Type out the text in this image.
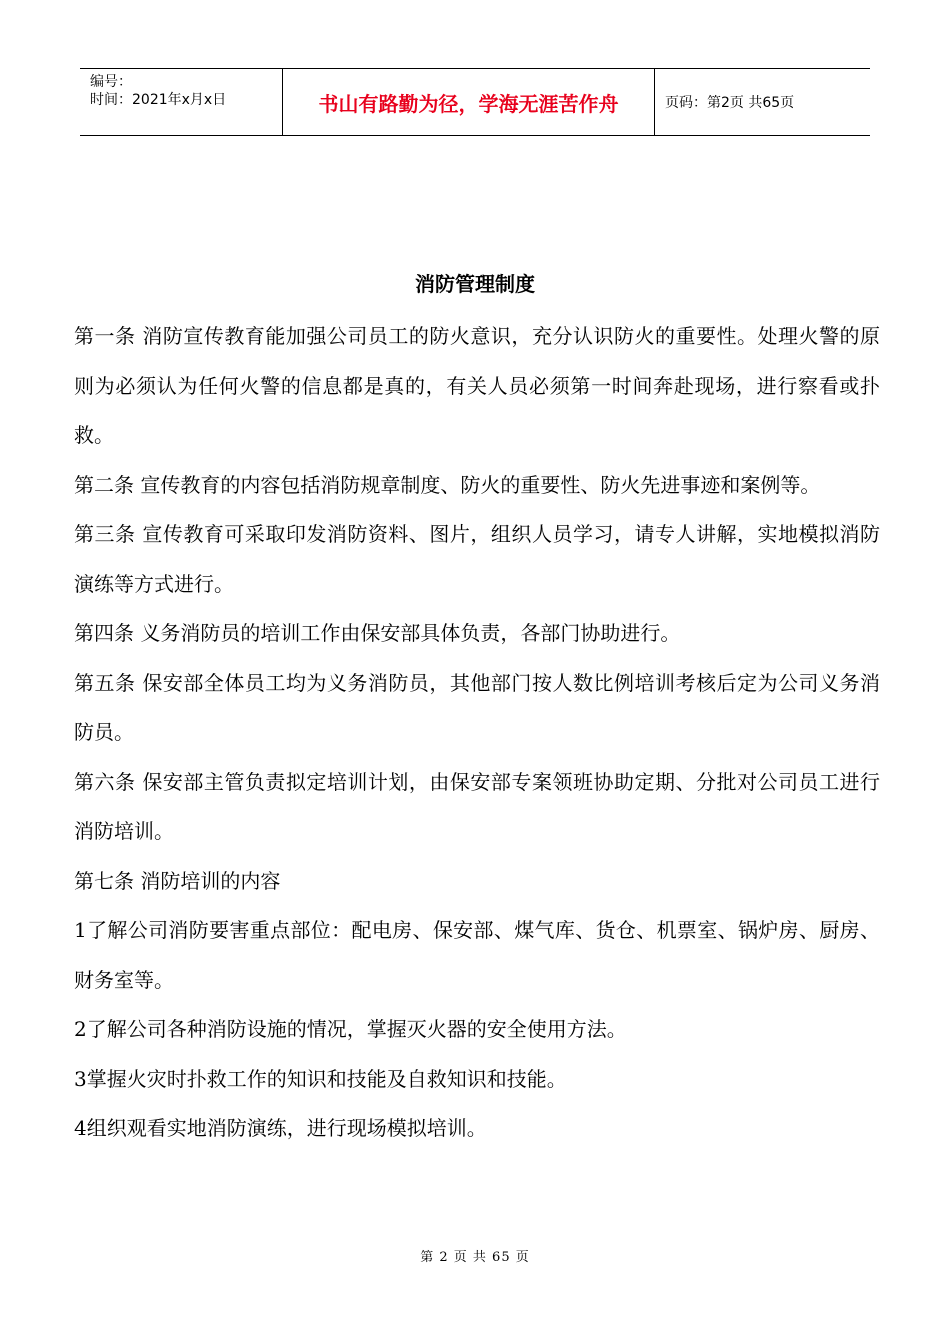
编号：
时间：2021年x月x日	书山有路勤为径，学海无涯苦作舟	页码：第2页 共65页
消防管理制度

第一条 消防宣传教育能加强公司员工的防火意识，充分认识防火的重要性。处理火警的原则为必须认为任何火警的信息都是真的，有关人员必须第一时间奔赴现场，进行察看或扑救。

第二条 宣传教育的内容包括消防规章制度、防火的重要性、防火先进事迹和案例等。

第三条 宣传教育可采取印发消防资料、图片，组织人员学习，请专人讲解，实地模拟消防演练等方式进行。

第四条 义务消防员的培训工作由保安部具体负责，各部门协助进行。

第五条 保安部全体员工均为义务消防员，其他部门按人数比例培训考核后定为公司义务消防员。

第六条 保安部主管负责拟定培训计划，由保安部专案领班协助定期、分批对公司员工进行消防培训。

第七条 消防培训的内容

1了解公司消防要害重点部位：配电房、保安部、煤气库、货仓、机票室、锅炉房、厨房、财务室等。

2了解公司各种消防设施的情况，掌握灭火器的安全使用方法。

3掌握火灾时扑救工作的知识和技能及自救知识和技能。

4组织观看实地消防演练，进行现场模拟培训。

第 2 页 共 65 页
